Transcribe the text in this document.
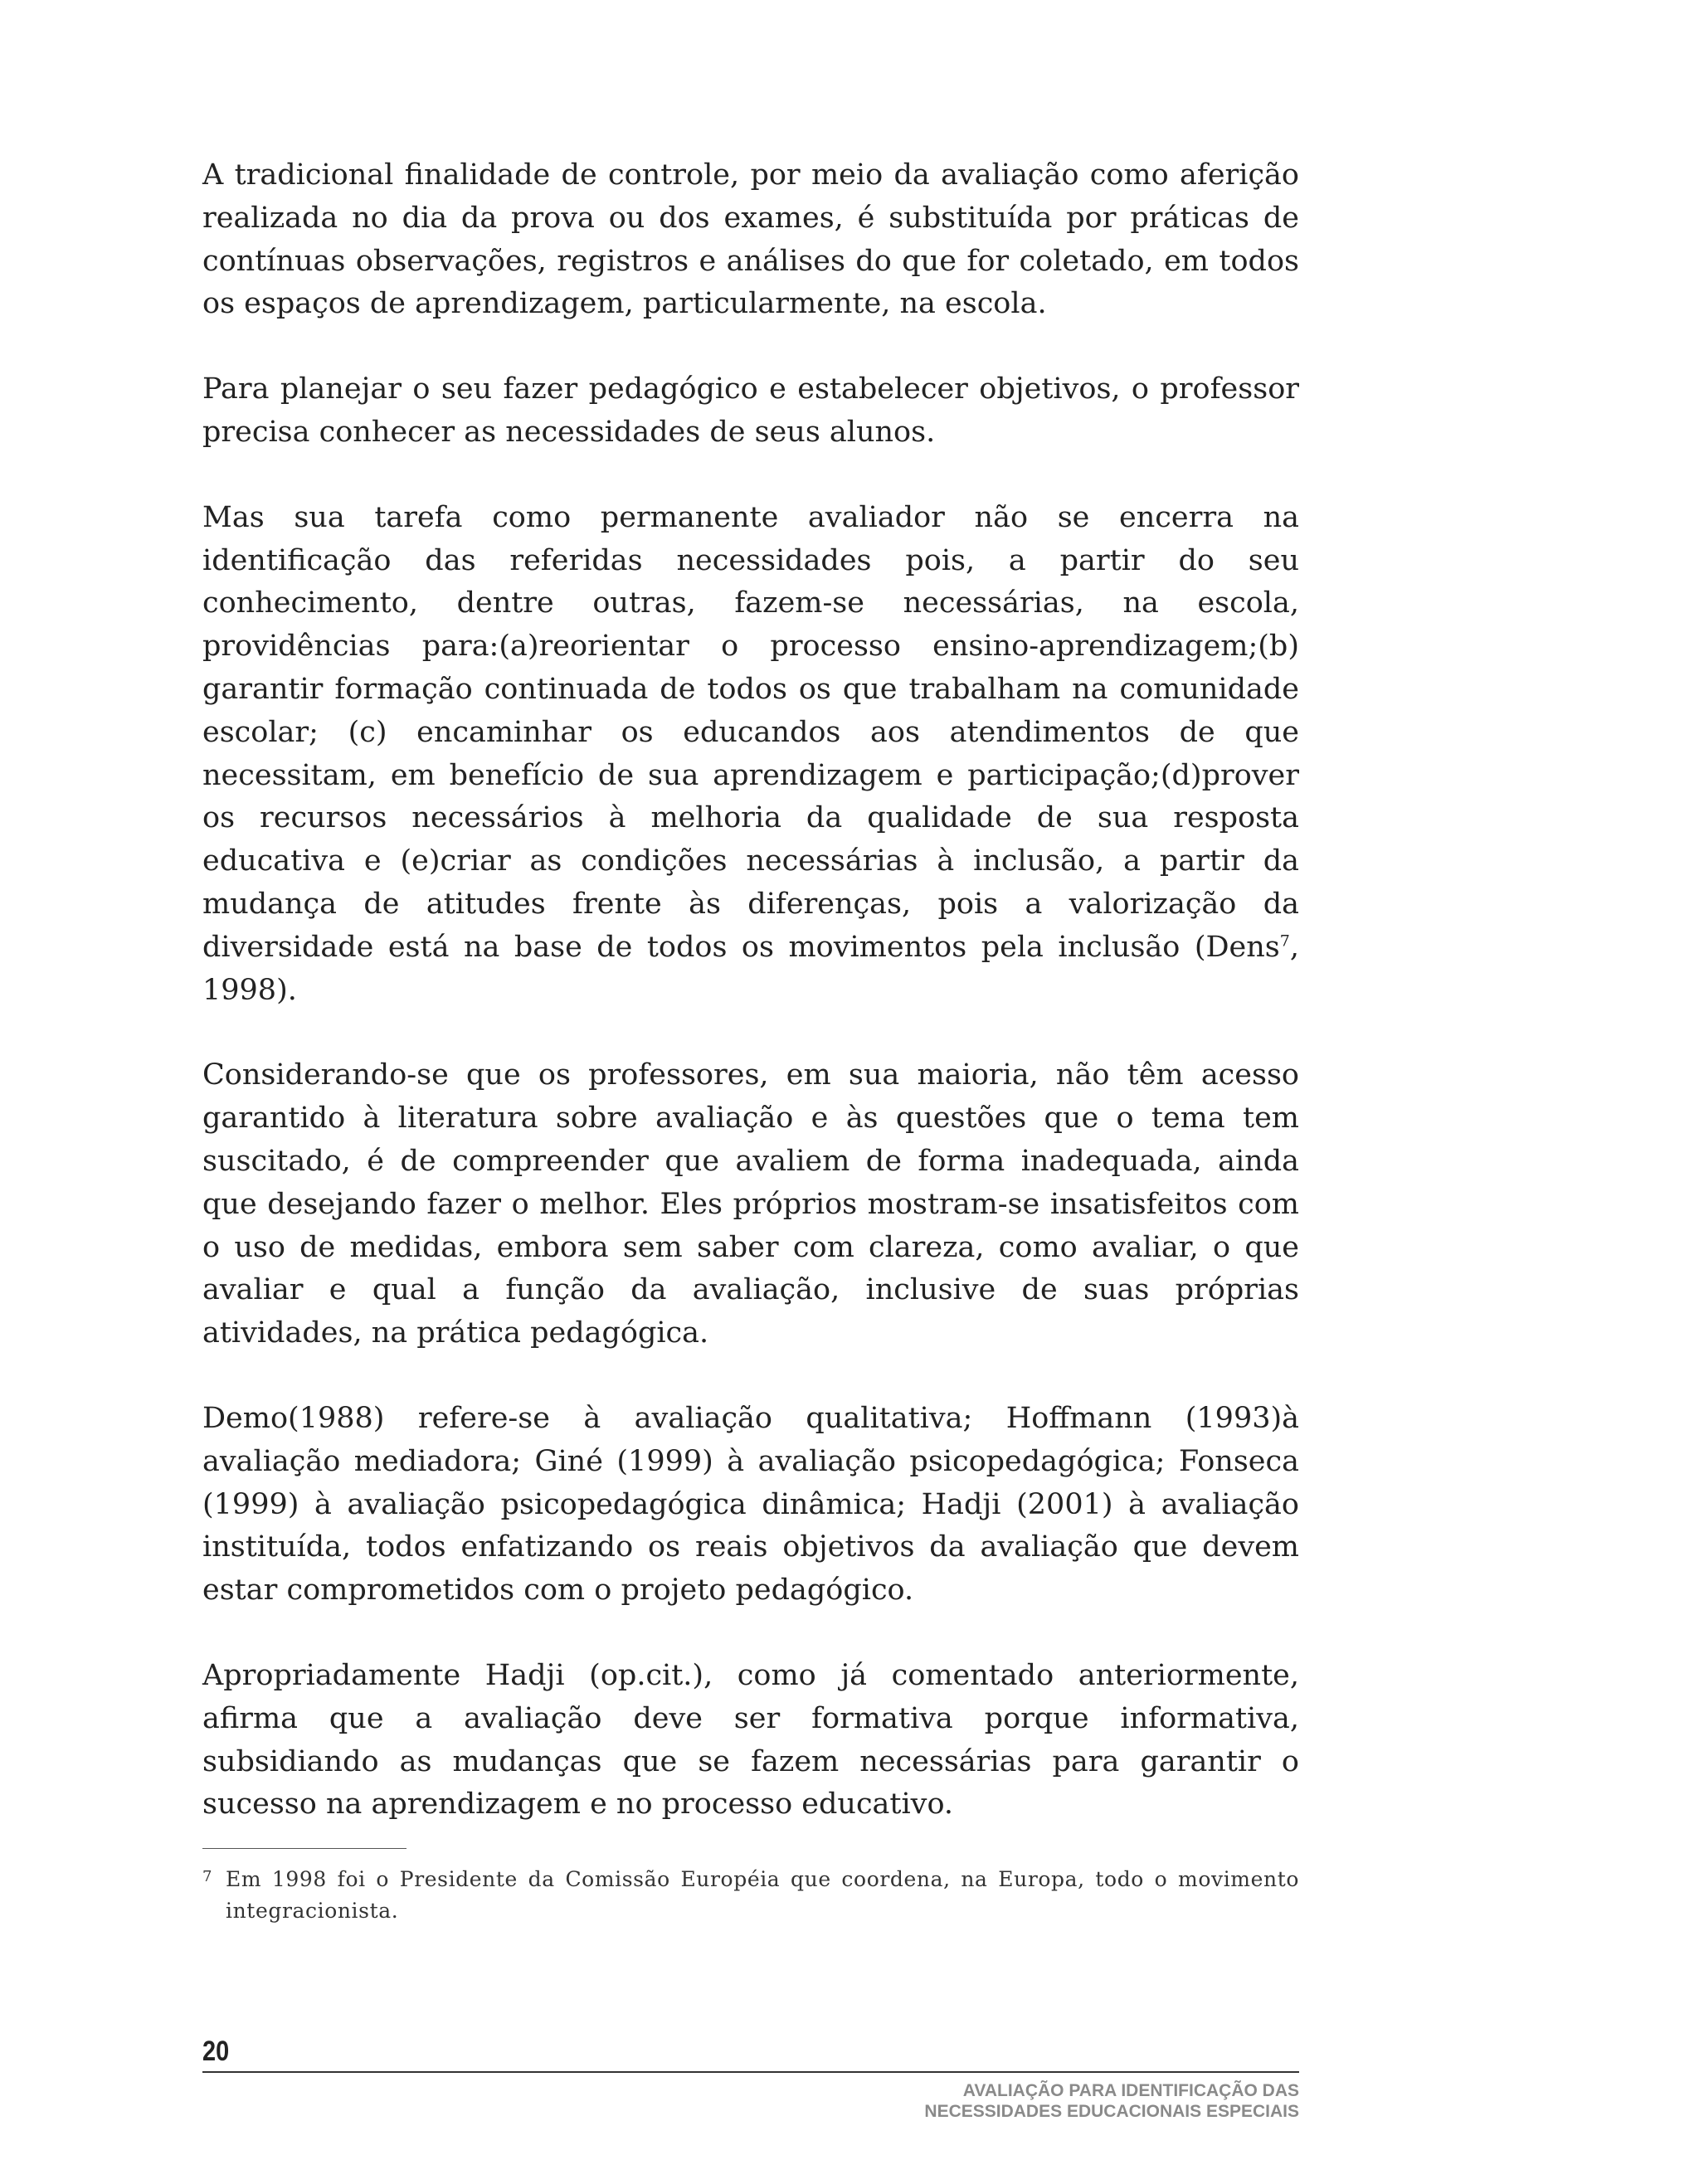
A tradicional finalidade de controle, por meio da avaliação como aferição realizada no dia da prova ou dos exames, é substituída por práticas de contínuas observações, registros e análises do que for coletado, em todos os espaços de aprendizagem, particularmente, na escola.

Para planejar o seu fazer pedagógico e estabelecer objetivos, o professor precisa conhecer as necessidades de seus alunos.

Mas sua tarefa como permanente avaliador não se encerra na identificação das referidas necessidades pois, a partir do seu conhecimento, dentre outras, fazem-se necessárias, na escola, providências para:(a)reorientar o processo ensino-aprendizagem;(b) garantir formação continuada de todos os que trabalham na comunidade escolar; (c) encaminhar os educandos aos atendimentos de que necessitam, em benefício de sua aprendizagem e participação;(d)prover os recursos necessários à melhoria da qualidade de sua resposta educativa e (e)criar as condições necessárias à inclusão, a partir da mudança de atitudes frente às diferenças, pois a valorização da diversidade está na base de todos os movimentos pela inclusão (Dens$^7$, 1998).

Considerando-se que os professores, em sua maioria, não têm acesso garantido à literatura sobre avaliação e às questões que o tema tem suscitado, é de compreender que avaliem de forma inadequada, ainda que desejando fazer o melhor. Eles próprios mostram-se insatisfeitos com o uso de medidas, embora sem saber com clareza, como avaliar, o que avaliar e qual a função da avaliação, inclusive de suas próprias atividades, na prática pedagógica.

Demo(1988) refere-se à avaliação qualitativa; Hoffmann (1993)à avaliação mediadora; Giné (1999) à avaliação psicopedagógica; Fonseca (1999) à avaliação psicopedagógica dinâmica; Hadji (2001) à avaliação instituída, todos enfatizando os reais objetivos da avaliação que devem estar comprometidos com o projeto pedagógico.

Apropriadamente Hadji (op.cit.), como já comentado anteriormente, afirma que a avaliação deve ser formativa porque informativa, subsidiando as mudanças que se fazem necessárias para garantir o sucesso na aprendizagem e no processo educativo.

7 Em 1998 foi o Presidente da Comissão Européia que coordena, na Europa, todo o movimento integracionista.
20
AVALIAÇÃO PARA IDENTIFICAÇÃO DAS
NECESSIDADES EDUCACIONAIS ESPECIAIS
